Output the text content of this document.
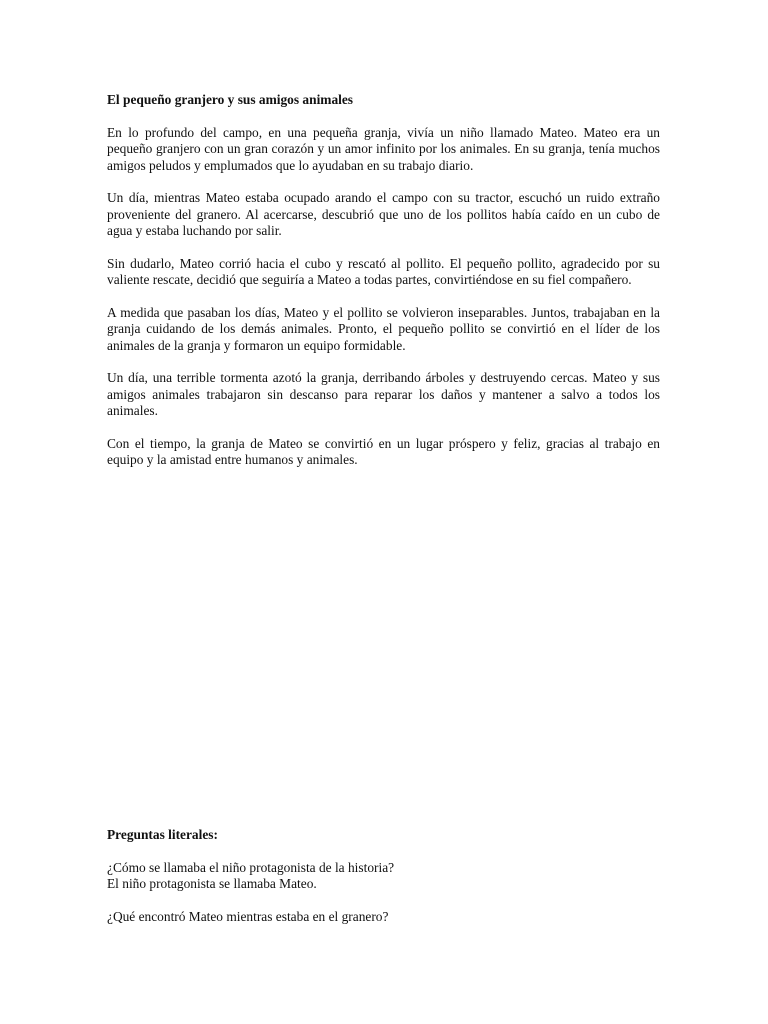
El pequeño granjero y sus amigos animales

En lo profundo del campo, en una pequeña granja, vivía un niño llamado Mateo. Mateo era un pequeño granjero con un gran corazón y un amor infinito por los animales. En su granja, tenía muchos amigos peludos y emplumados que lo ayudaban en su trabajo diario.

Un día, mientras Mateo estaba ocupado arando el campo con su tractor, escuchó un ruido extraño proveniente del granero. Al acercarse, descubrió que uno de los pollitos había caído en un cubo de agua y estaba luchando por salir.

Sin dudarlo, Mateo corrió hacia el cubo y rescató al pollito. El pequeño pollito, agradecido por su valiente rescate, decidió que seguiría a Mateo a todas partes, convirtiéndose en su fiel compañero.

A medida que pasaban los días, Mateo y el pollito se volvieron inseparables. Juntos, trabajaban en la granja cuidando de los demás animales. Pronto, el pequeño pollito se convirtió en el líder de los animales de la granja y formaron un equipo formidable.

Un día, una terrible tormenta azotó la granja, derribando árboles y destruyendo cercas. Mateo y sus amigos animales trabajaron sin descanso para reparar los daños y mantener a salvo a todos los animales.

Con el tiempo, la granja de Mateo se convirtió en un lugar próspero y feliz, gracias al trabajo en equipo y la amistad entre humanos y animales.

Preguntas literales:

¿Cómo se llamaba el niño protagonista de la historia?
El niño protagonista se llamaba Mateo.
¿Qué encontró Mateo mientras estaba en el granero?
